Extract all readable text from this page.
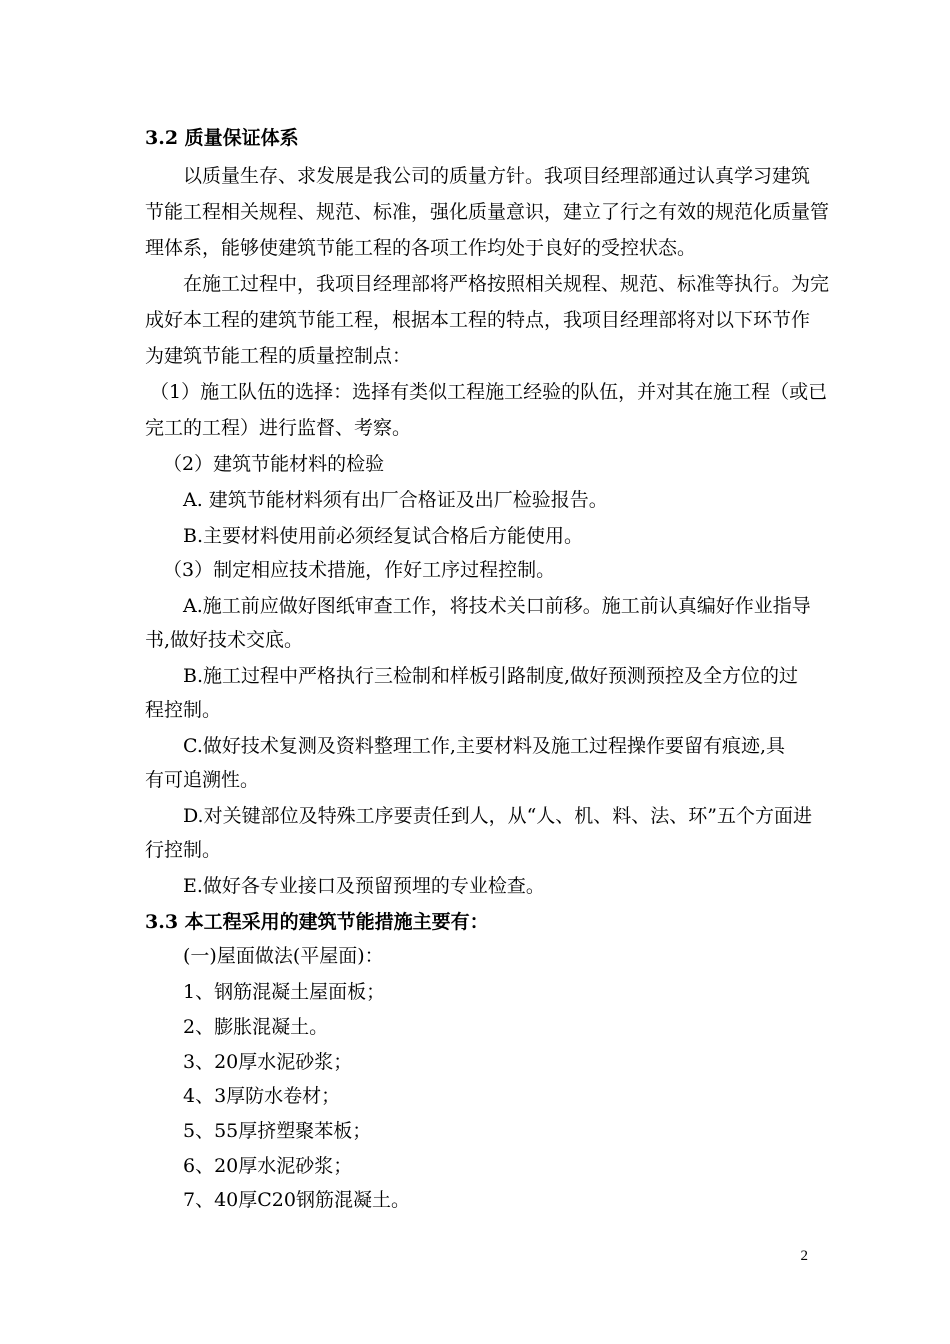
3.2 质量保证体系
以质量生存、求发展是我公司的质量方针。我项目经理部通过认真学习建筑
节能工程相关规程、规范、标准，强化质量意识，建立了行之有效的规范化质量管
理体系，能够使建筑节能工程的各项工作均处于良好的受控状态。
在施工过程中，我项目经理部将严格按照相关规程、规范、标准等执行。为完
成好本工程的建筑节能工程，根据本工程的特点，我项目经理部将对以下环节作
为建筑节能工程的质量控制点：
（1）施工队伍的选择：选择有类似工程施工经验的队伍，并对其在施工程（或已
完工的工程）进行监督、考察。
（2）建筑节能材料的检验
A. 建筑节能材料须有出厂合格证及出厂检验报告。
B.主要材料使用前必须经复试合格后方能使用。
（3）制定相应技术措施，作好工序过程控制。
A.施工前应做好图纸审查工作，将技术关口前移。施工前认真编好作业指导
书,做好技术交底。
B.施工过程中严格执行三检制和样板引路制度,做好预测预控及全方位的过
程控制。
C.做好技术复测及资料整理工作,主要材料及施工过程操作要留有痕迹,具
有可追溯性。
D.对关键部位及特殊工序要责任到人，从“人、机、料、法、环”五个方面进
行控制。
E.做好各专业接口及预留预埋的专业检查。
3.3 本工程采用的建筑节能措施主要有：
(一)屋面做法(平屋面)：
1、钢筋混凝土屋面板；
2、膨胀混凝土。
3、20厚水泥砂浆；
4、3厚防水卷材；
5、55厚挤塑聚苯板；
6、20厚水泥砂浆；
7、40厚C20钢筋混凝土。
2
